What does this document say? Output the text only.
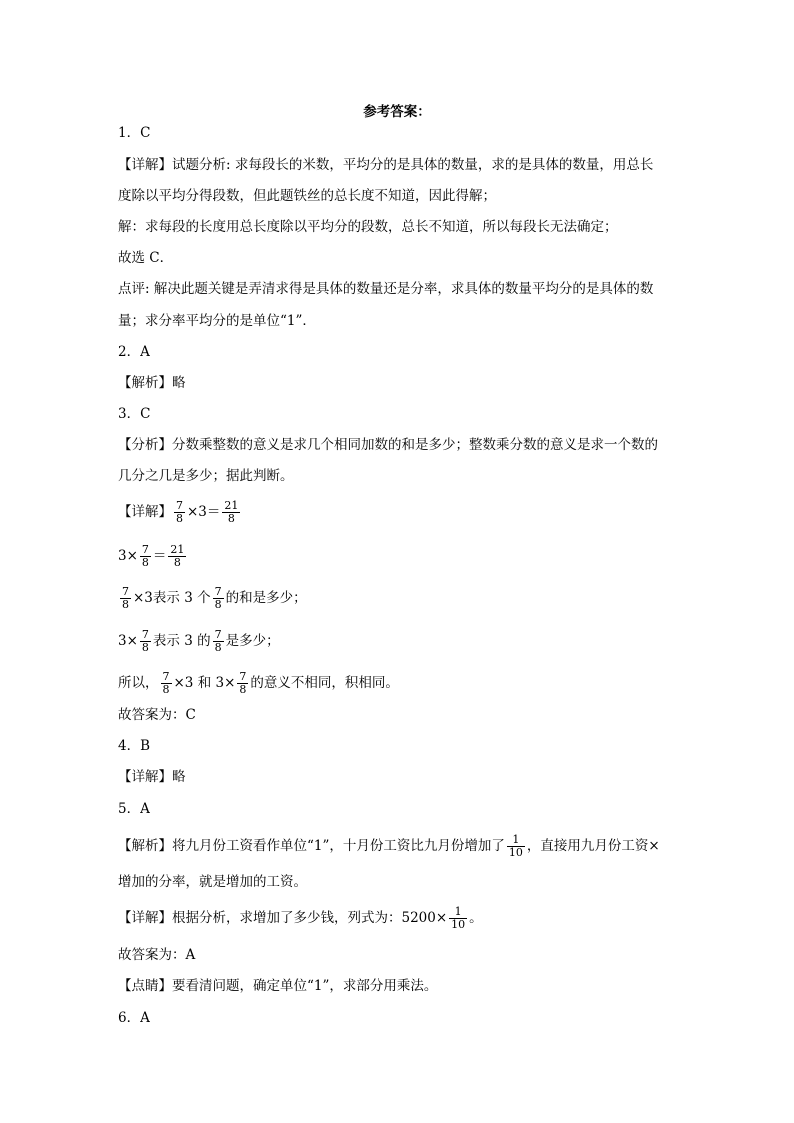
参考答案：
1．C
【详解】试题分析: 求每段长的米数，平均分的是具体的数量，求的是具体的数量，用总长
度除以平均分得段数，但此题铁丝的总长度不知道，因此得解；
解：求每段的长度用总长度除以平均分的段数，总长不知道，所以每段长无法确定；
故选 C．
点评: 解决此题关键是弄清求得是具体的数量还是分率，求具体的数量平均分的是具体的数
量；求分率平均分的是单位“1”．
2．A
【解析】略
3．C
【分析】分数乘整数的意义是求几个相同加数的和是多少；整数乘分数的意义是求一个数的
几分之几是多少；据此判断。
【详解】 $\frac{7}{8} \times 3= \frac{21}{8}$
$3\times \frac{7}{8} = \frac{21}{8}$
$\frac{7}{8} \times 3$表示 3 个 $\frac{7}{8}$ 的和是多少；
$3\times \frac{7}{8}$ 表示 3 的 $\frac{7}{8}$ 是多少；
所以， $\frac{7}{8} \times 3$ 和 $3\times \frac{7}{8}$ 的意义不相同，积相同。
故答案为：C
4．B
【详解】略
5．A
【解析】将九月份工资看作单位“1”，十月份工资比九月份增加了 $\frac{1}{10}$ ，直接用九月份工资×
增加的分率，就是增加的工资。
【详解】根据分析，求增加了多少钱，列式为：$5200\times \frac{1}{10}$ 。
故答案为：A
【点睛】要看清问题，确定单位“1”，求部分用乘法。
6．A
